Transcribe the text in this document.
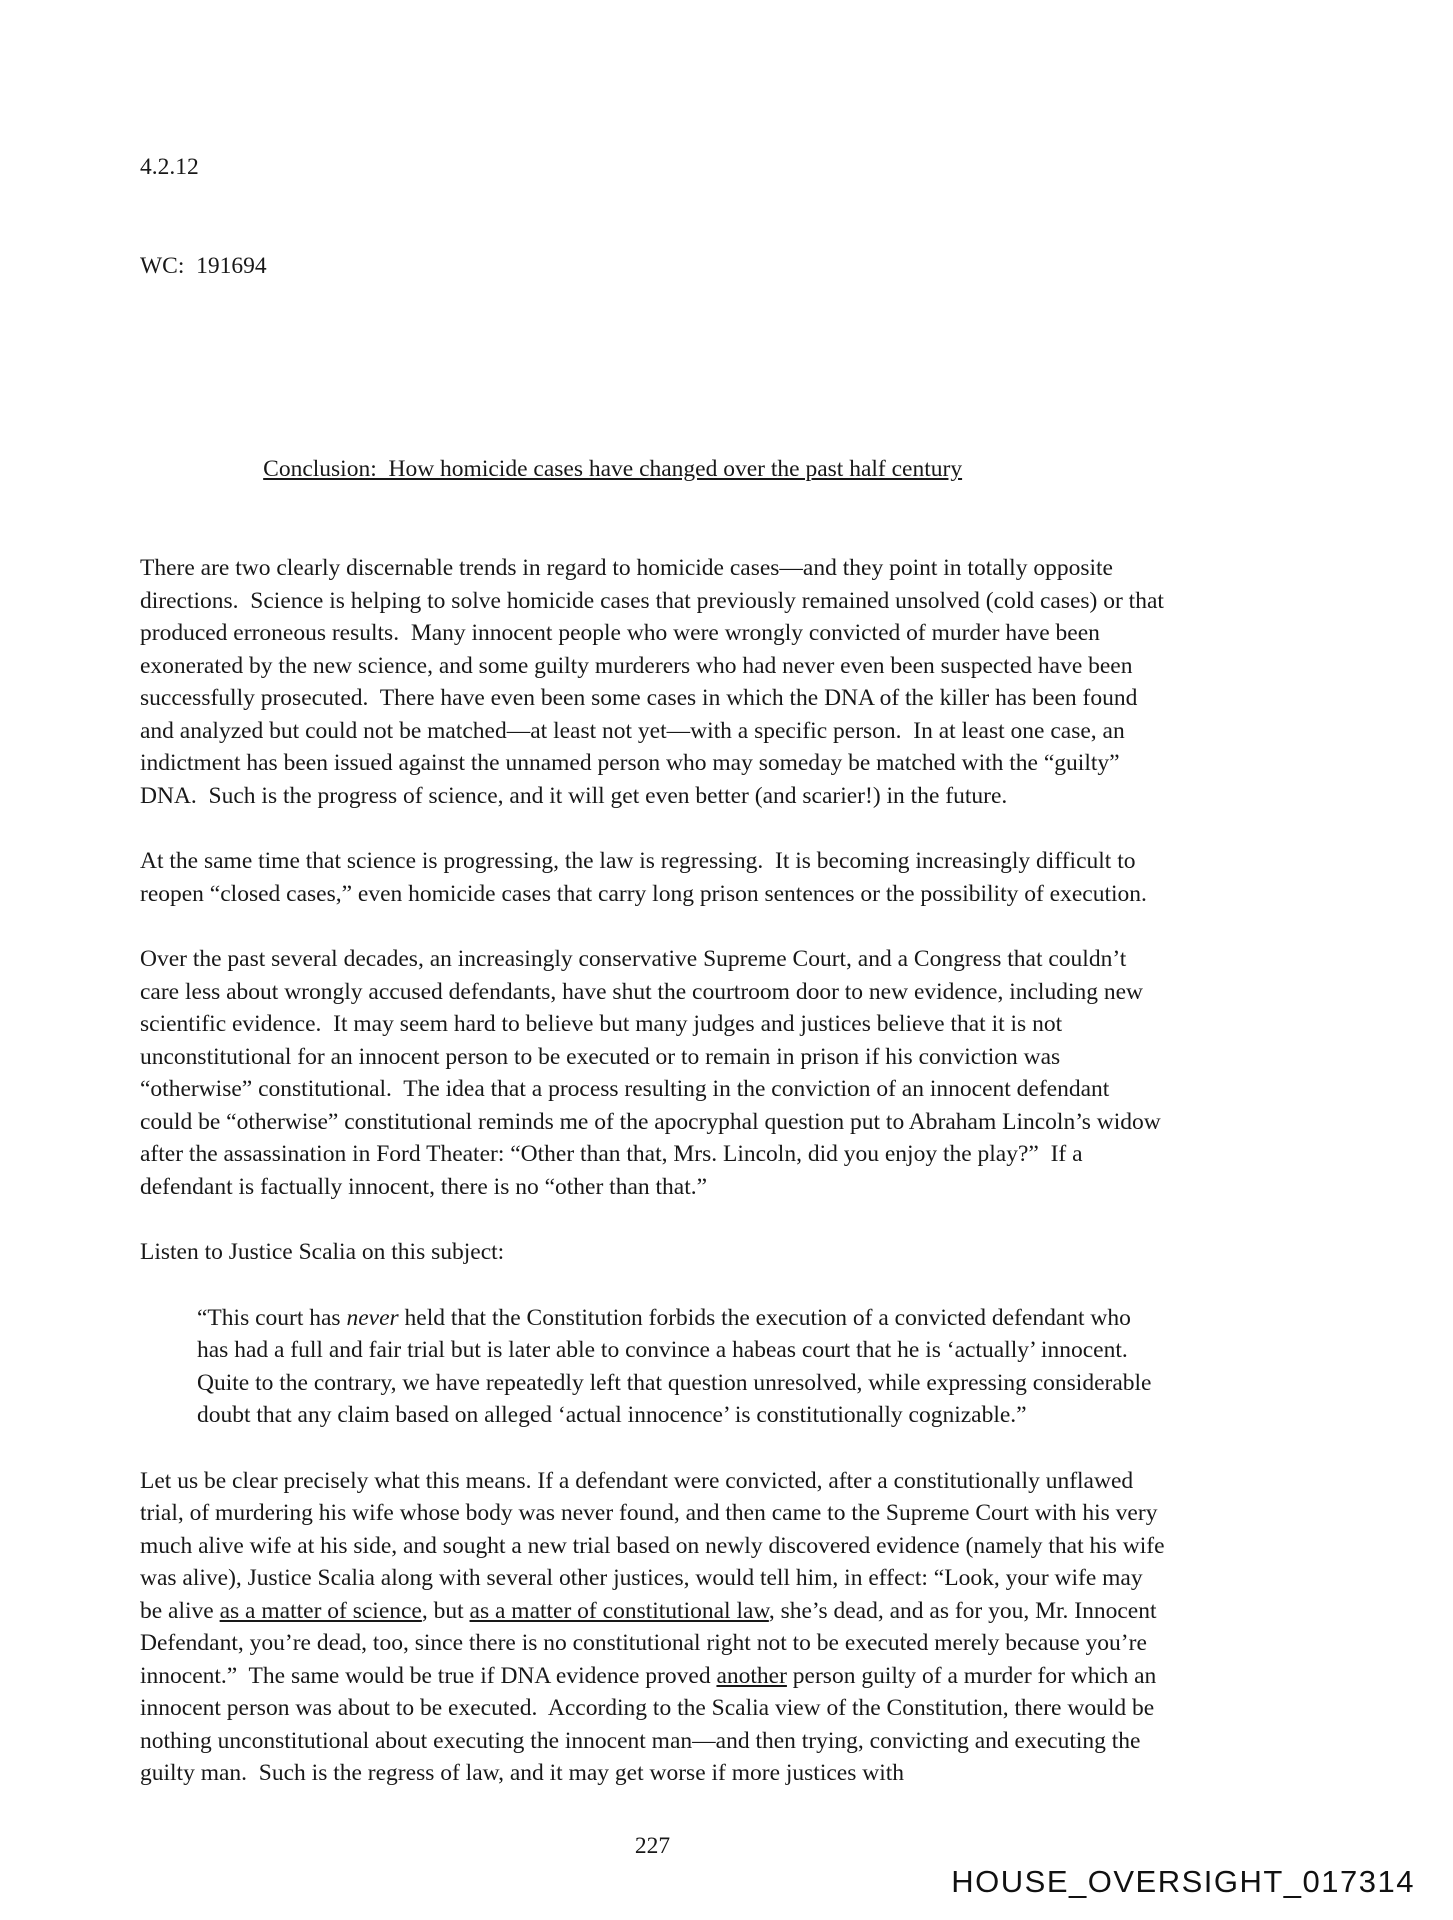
4.2.12

WC:  191694

Conclusion:  How homicide cases have changed over the past half century

There are two clearly discernable trends in regard to homicide cases—and they point in totally opposite directions.  Science is helping to solve homicide cases that previously remained unsolved (cold cases) or that produced erroneous results.  Many innocent people who were wrongly convicted of murder have been exonerated by the new science, and some guilty murderers who had never even been suspected have been successfully prosecuted.  There have even been some cases in which the DNA of the killer has been found and analyzed but could not be matched—at least not yet—with a specific person.  In at least one case, an indictment has been issued against the unnamed person who may someday be matched with the “guilty” DNA.  Such is the progress of science, and it will get even better (and scarier!) in the future.

At the same time that science is progressing, the law is regressing.  It is becoming increasingly difficult to reopen “closed cases,” even homicide cases that carry long prison sentences or the possibility of execution.

Over the past several decades, an increasingly conservative Supreme Court, and a Congress that couldn’t care less about wrongly accused defendants, have shut the courtroom door to new evidence, including new scientific evidence.  It may seem hard to believe but many judges and justices believe that it is not unconstitutional for an innocent person to be executed or to remain in prison if his conviction was “otherwise” constitutional.  The idea that a process resulting in the conviction of an innocent defendant could be “otherwise” constitutional reminds me of the apocryphal question put to Abraham Lincoln’s widow after the assassination in Ford Theater: “Other than that, Mrs. Lincoln, did you enjoy the play?”  If a defendant is factually innocent, there is no “other than that.”

Listen to Justice Scalia on this subject:

“This court has never held that the Constitution forbids the execution of a convicted defendant who has had a full and fair trial but is later able to convince a habeas court that he is ‘actually’ innocent. Quite to the contrary, we have repeatedly left that question unresolved, while expressing considerable doubt that any claim based on alleged ‘actual innocence’ is constitutionally cognizable.”

Let us be clear precisely what this means. If a defendant were convicted, after a constitutionally unflawed trial, of murdering his wife whose body was never found, and then came to the Supreme Court with his very much alive wife at his side, and sought a new trial based on newly discovered evidence (namely that his wife was alive), Justice Scalia along with several other justices, would tell him, in effect: “Look, your wife may be alive as a matter of science, but as a matter of constitutional law, she’s dead, and as for you, Mr. Innocent Defendant, you’re dead, too, since there is no constitutional right not to be executed merely because you’re innocent.”  The same would be true if DNA evidence proved another person guilty of a murder for which an innocent person was about to be executed.  According to the Scalia view of the Constitution, there would be nothing unconstitutional about executing the innocent man—and then trying, convicting and executing the guilty man.  Such is the regress of law, and it may get worse if more justices with

227
HOUSE_OVERSIGHT_017314
